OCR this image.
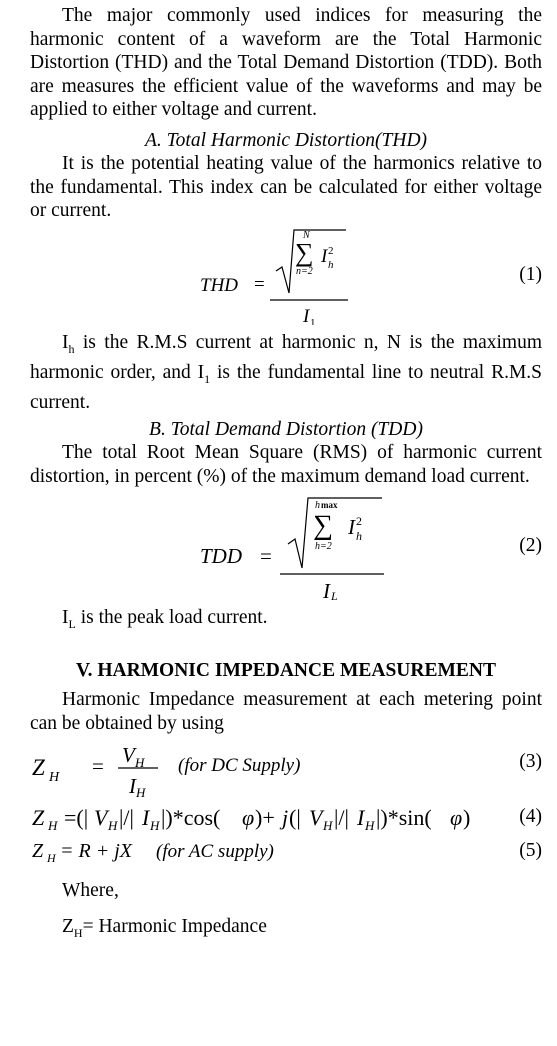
The major commonly used indices for measuring the harmonic content of a waveform are the Total Harmonic Distortion (THD) and the Total Demand Distortion (TDD). Both are measures the efficient value of the waveforms and may be applied to either voltage and current.

A. Total Harmonic Distortion(THD)

It is the potential heating value of the harmonics relative to the fundamental. This index can be calculated for either voltage or current.

THD =
N
∑
n=2
I 2
h
I 1
(1)

$I_h$ is the R.M.S current at harmonic n, N is the maximum harmonic order, and $I_1$ is the fundamental line to neutral R.M.S current.

B. Total Demand Distortion (TDD)

The total Root Mean Square (RMS) of harmonic current distortion, in percent (%) of the maximum demand load current.

TDD =
h max
∑
h=2
I 2
h
I L
(2)

$I_L$ is the peak load current.

V. HARMONIC IMPEDANCE MEASUREMENT

Harmonic Impedance measurement at each metering point can be obtained by using

Z H = V H
I H
(for DC Supply)	(3)
Z H =(| V H |/| I H |)*cos( φ )+ j (| V H |/| I H |)*sin( φ )	(4)
Z H = R + jX (for AC supply)	(5)

Where,

$Z_H=$ Harmonic Impedance
